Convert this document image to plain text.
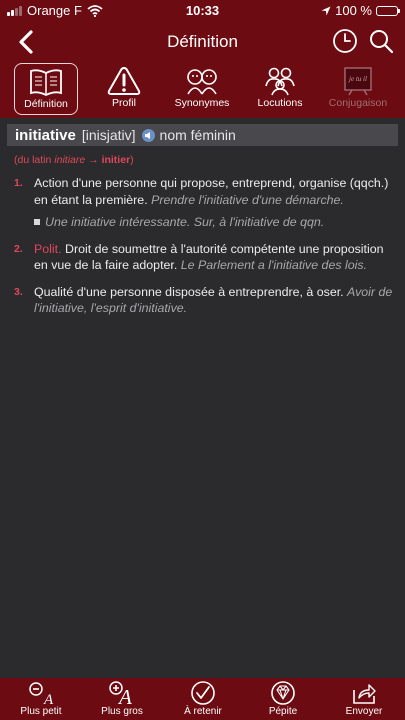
Orange F	10:33	100 %
Définition
Définition	Profil	Synonymes	Locutions
je tu il
Conjugaison
initiative [inisjativ] nom féminin
(du latin initiare → initier)
1. Action d'une personne qui propose, entreprend, organise (qqch.) en étant la première. Prendre l'initiative d'une démarche.
Une initiative intéressante. Sur, à l'initiative de qqn.
2. Polit. Droit de soumettre à l'autorité compétente une proposition en vue de la faire adopter. Le Parlement a l'initiative des lois.
3. Qualité d'une personne disposée à entreprendre, à oser. Avoir de l'initiative, l'esprit d'initiative.
A
Plus petit
A
Plus gros	À retenir	Pépite	Envoyer
